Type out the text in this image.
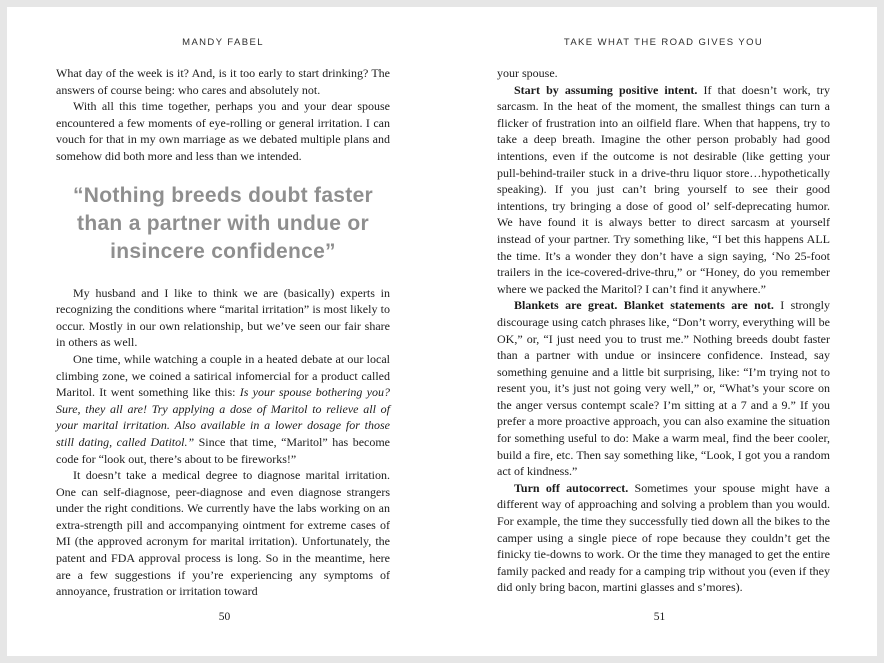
MANDY FABEL

What day of the week is it? And, is it too early to start drinking? The answers of course being: who cares and absolutely not.

With all this time together, perhaps you and your dear spouse encountered a few moments of eye-rolling or general irritation. I can vouch for that in my own marriage as we debated multiple plans and somehow did both more and less than we intended.

“Nothing breeds doubt faster than a partner with undue or insincere confidence”

My husband and I like to think we are (basically) experts in recognizing the conditions where “marital irritation” is most likely to occur. Mostly in our own relationship, but we’ve seen our fair share in others as well.

One time, while watching a couple in a heated debate at our local climbing zone, we coined a satirical infomercial for a product called Maritol. It went something like this: Is your spouse bothering you? Sure, they all are! Try applying a dose of Maritol to relieve all of your marital irritation. Also available in a lower dosage for those still dating, called Datitol.” Since that time, “Maritol” has become code for “look out, there’s about to be fireworks!”

It doesn’t take a medical degree to diagnose marital irritation. One can self-diagnose, peer-diagnose and even diagnose strangers under the right conditions. We currently have the labs working on an extra-strength pill and accompanying ointment for extreme cases of MI (the approved acronym for marital irritation). Unfortunately, the patent and FDA approval process is long. So in the meantime, here are a few suggestions if you’re experiencing any symptoms of annoyance, frustration or irritation toward

50
TAKE WHAT THE ROAD GIVES YOU

your spouse.

Start by assuming positive intent. If that doesn’t work, try sarcasm. In the heat of the moment, the smallest things can turn a flicker of frustration into an oilfield flare. When that happens, try to take a deep breath. Imagine the other person probably had good intentions, even if the outcome is not desirable (like getting your pull-behind-trailer stuck in a drive-thru liquor store…hypothetically speaking). If you just can’t bring yourself to see their good intentions, try bringing a dose of good ol’ self-deprecating humor. We have found it is always better to direct sarcasm at yourself instead of your partner. Try something like, “I bet this happens ALL the time. It’s a wonder they don’t have a sign saying, ‘No 25-foot trailers in the ice-covered-drive-thru,” or “Honey, do you remember where we packed the Maritol? I can’t find it anywhere.”

Blankets are great. Blanket statements are not. I strongly discourage using catch phrases like, “Don’t worry, everything will be OK,” or, “I just need you to trust me.” Nothing breeds doubt faster than a partner with undue or insincere confidence. Instead, say something genuine and a little bit surprising, like: “I’m trying not to resent you, it’s just not going very well,” or, “What’s your score on the anger versus contempt scale? I’m sitting at a 7 and a 9.” If you prefer a more proactive approach, you can also examine the situation for something useful to do: Make a warm meal, find the beer cooler, build a fire, etc. Then say something like, “Look, I got you a random act of kindness.”

Turn off autocorrect. Sometimes your spouse might have a different way of approaching and solving a problem than you would. For example, the time they successfully tied down all the bikes to the camper using a single piece of rope because they couldn’t get the finicky tie-downs to work. Or the time they managed to get the entire family packed and ready for a camping trip without you (even if they did only bring bacon, martini glasses and s’mores).

51
